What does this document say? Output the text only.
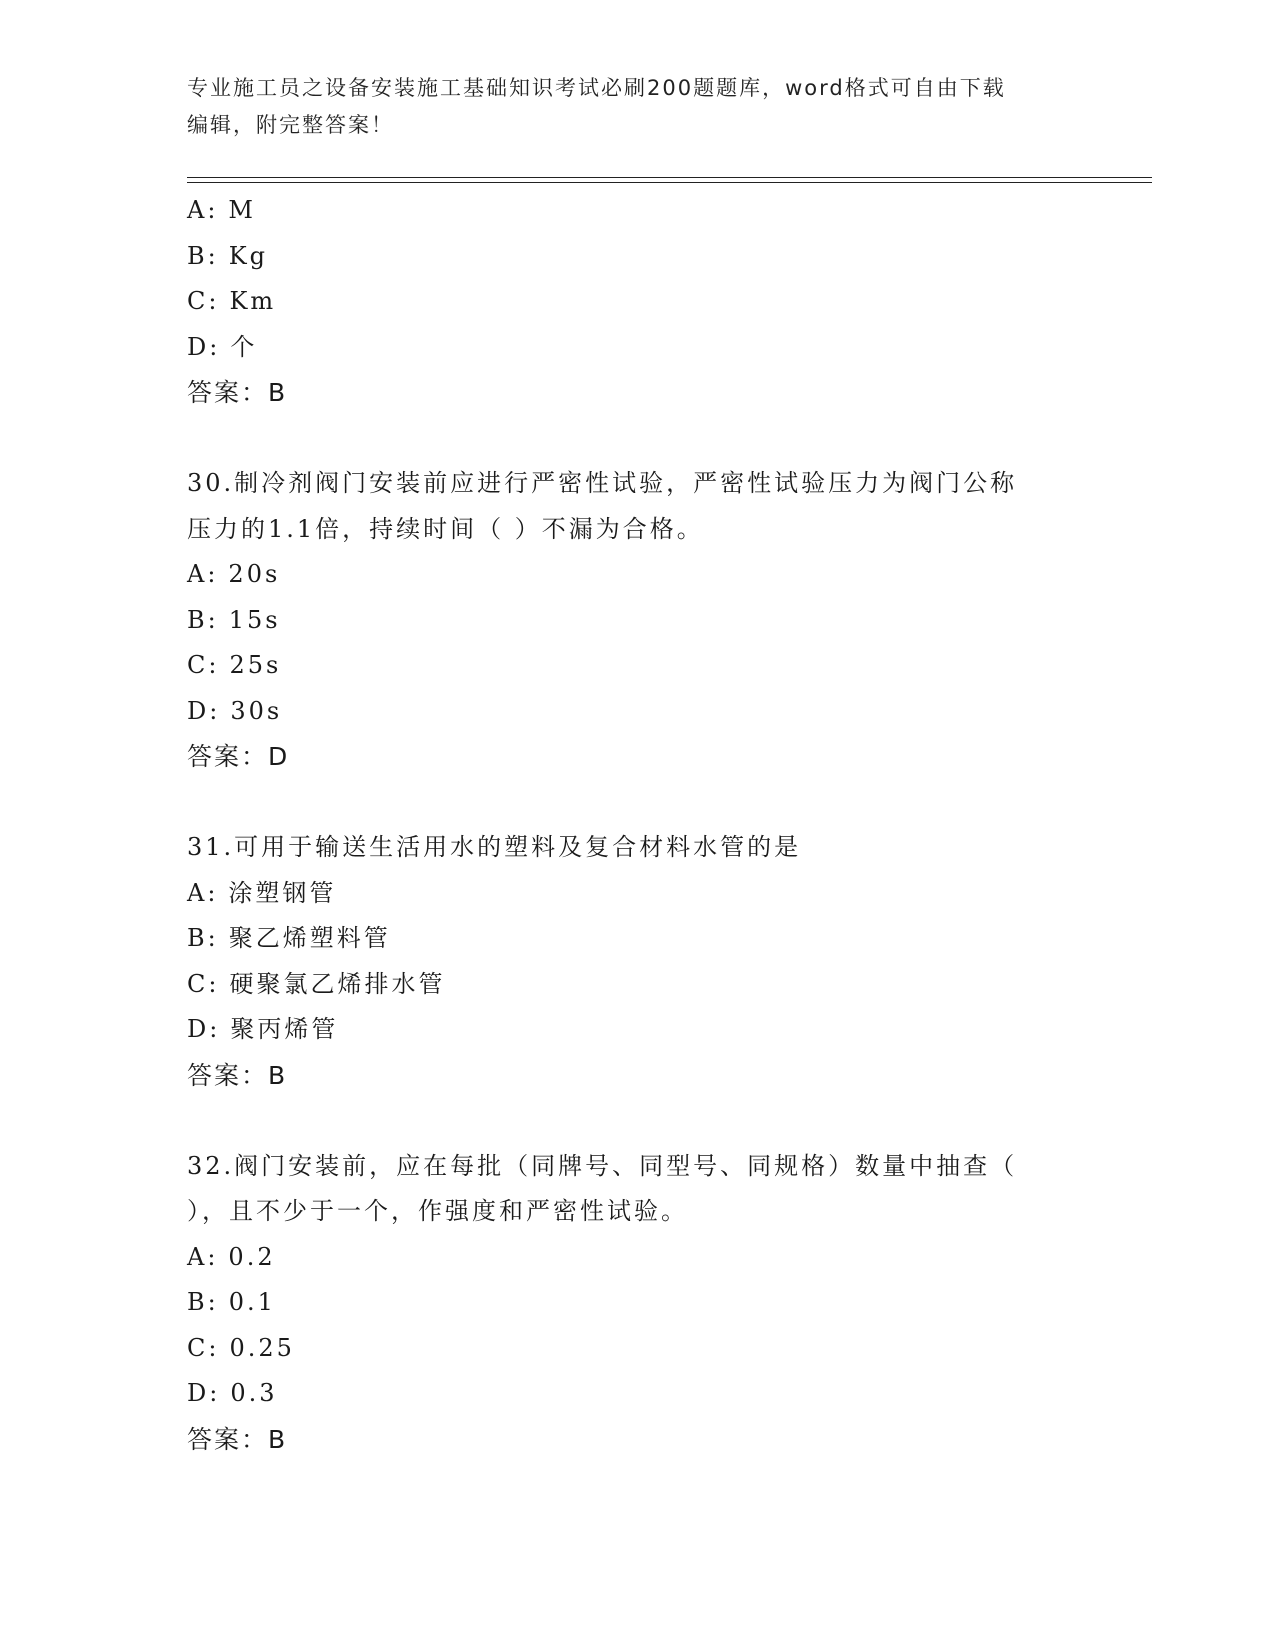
专业施工员之设备安装施工基础知识考试必刷200题题库，word格式可自由下载
编辑，附完整答案！
A: M
B: Kg
C: Km
D: 个
答案：B
30.制冷剂阀门安装前应进行严密性试验，严密性试验压力为阀门公称
压力的1.1倍，持续时间（ ）不漏为合格。
A: 20s
B: 15s
C: 25s
D: 30s
答案：D
31.可用于输送生活用水的塑料及复合材料水管的是
A: 涂塑钢管
B: 聚乙烯塑料管
C: 硬聚氯乙烯排水管
D: 聚丙烯管
答案：B
32.阀门安装前，应在每批（同牌号、同型号、同规格）数量中抽查（
），且不少于一个，作强度和严密性试验。
A: 0.2
B: 0.1
C: 0.25
D: 0.3
答案：B
